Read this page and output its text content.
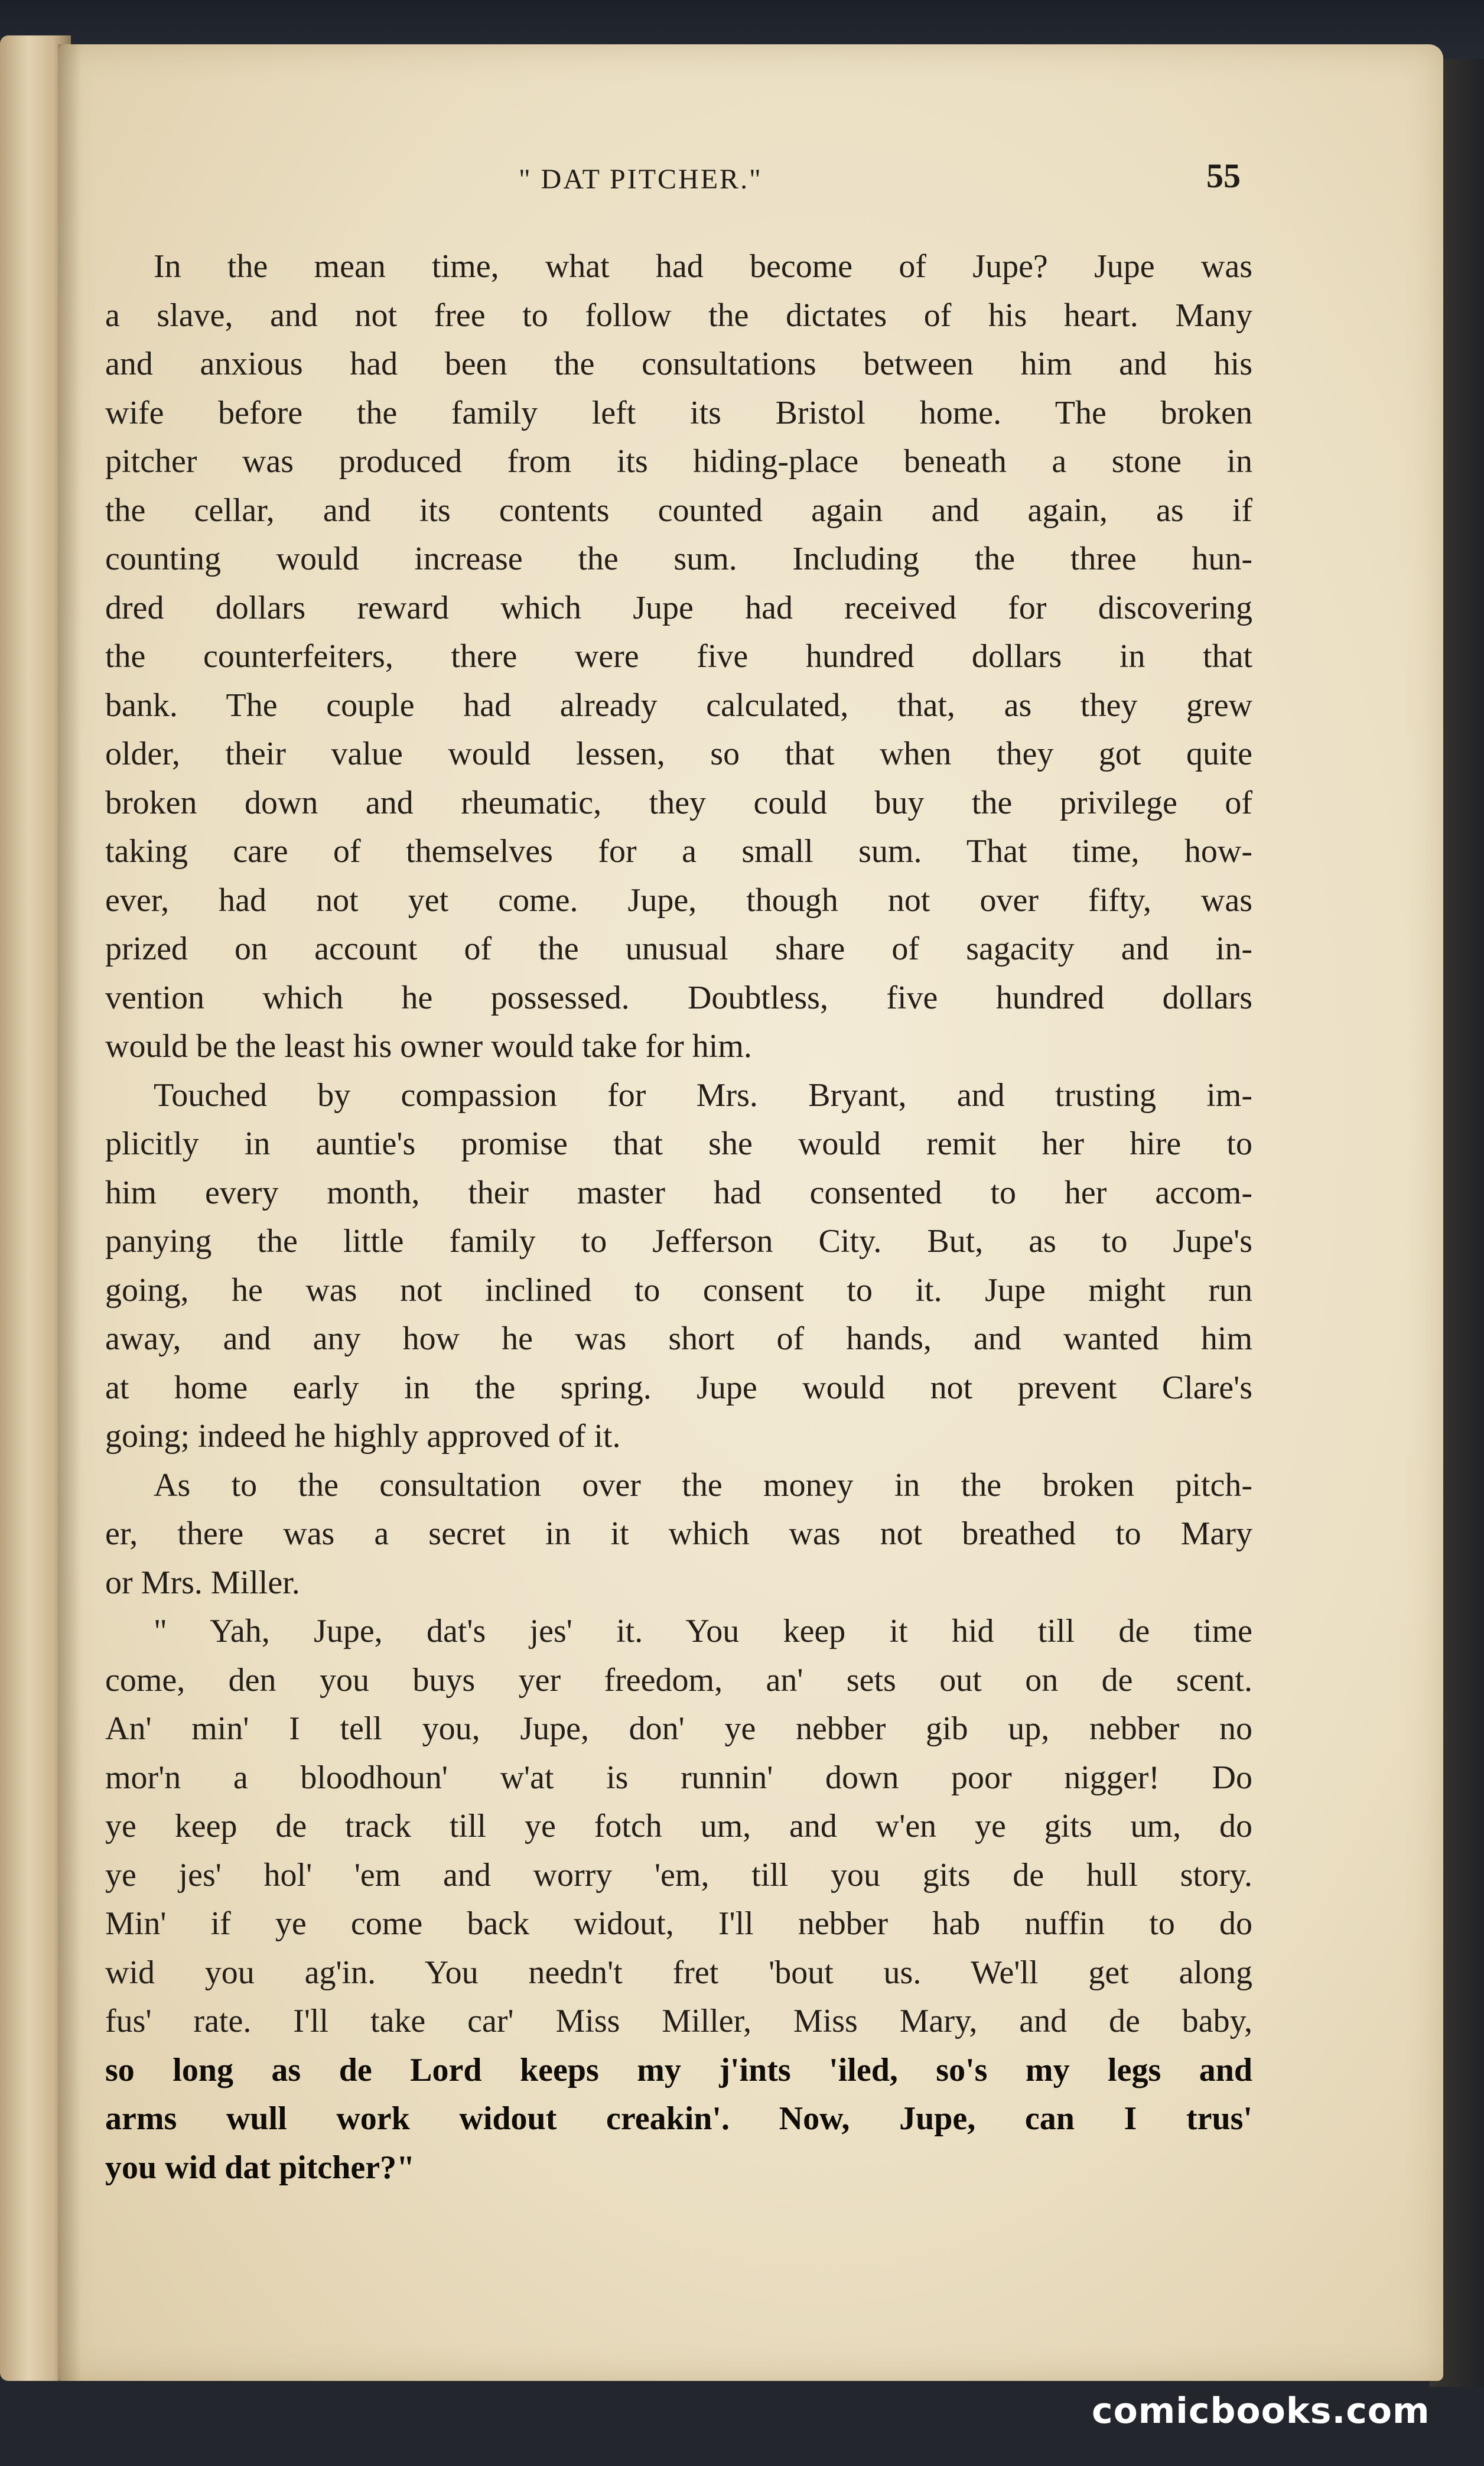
" DAT PITCHER."	55
In the mean time, what had become of Jupe? Jupe was
a slave, and not free to follow the dictates of his heart. Many
and anxious had been the consultations between him and his
wife before the family left its Bristol home. The broken
pitcher was produced from its hiding-place beneath a stone in
the cellar, and its contents counted again and again, as if
counting would increase the sum. Including the three hun-
dred dollars reward which Jupe had received for discovering
the counterfeiters, there were five hundred dollars in that
bank. The couple had already calculated, that, as they grew
older, their value would lessen, so that when they got quite
broken down and rheumatic, they could buy the privilege of
taking care of themselves for a small sum. That time, how-
ever, had not yet come. Jupe, though not over fifty, was
prized on account of the unusual share of sagacity and in-
vention which he possessed. Doubtless, five hundred dollars
would be the least his owner would take for him.
Touched by compassion for Mrs. Bryant, and trusting im-
plicitly in auntie's promise that she would remit her hire to
him every month, their master had consented to her accom-
panying the little family to Jefferson City. But, as to Jupe's
going, he was not inclined to consent to it. Jupe might run
away, and any how he was short of hands, and wanted him
at home early in the spring. Jupe would not prevent Clare's
going; indeed he highly approved of it.
As to the consultation over the money in the broken pitch-
er, there was a secret in it which was not breathed to Mary
or Mrs. Miller.
" Yah, Jupe, dat's jes' it. You keep it hid till de time
come, den you buys yer freedom, an' sets out on de scent.
An' min' I tell you, Jupe, don' ye nebber gib up, nebber no
mor'n a bloodhoun' w'at is runnin' down poor nigger! Do
ye keep de track till ye fotch um, and w'en ye gits um, do
ye jes' hol' 'em and worry 'em, till you gits de hull story.
Min' if ye come back widout, I'll nebber hab nuffin to do
wid you ag'in. You needn't fret 'bout us. We'll get along
fus' rate. I'll take car' Miss Miller, Miss Mary, and de baby,
so long as de Lord keeps my j'ints 'iled, so's my legs and
arms wull work widout creakin'. Now, Jupe, can I trus'
you wid dat pitcher?"
comicbooks.com
